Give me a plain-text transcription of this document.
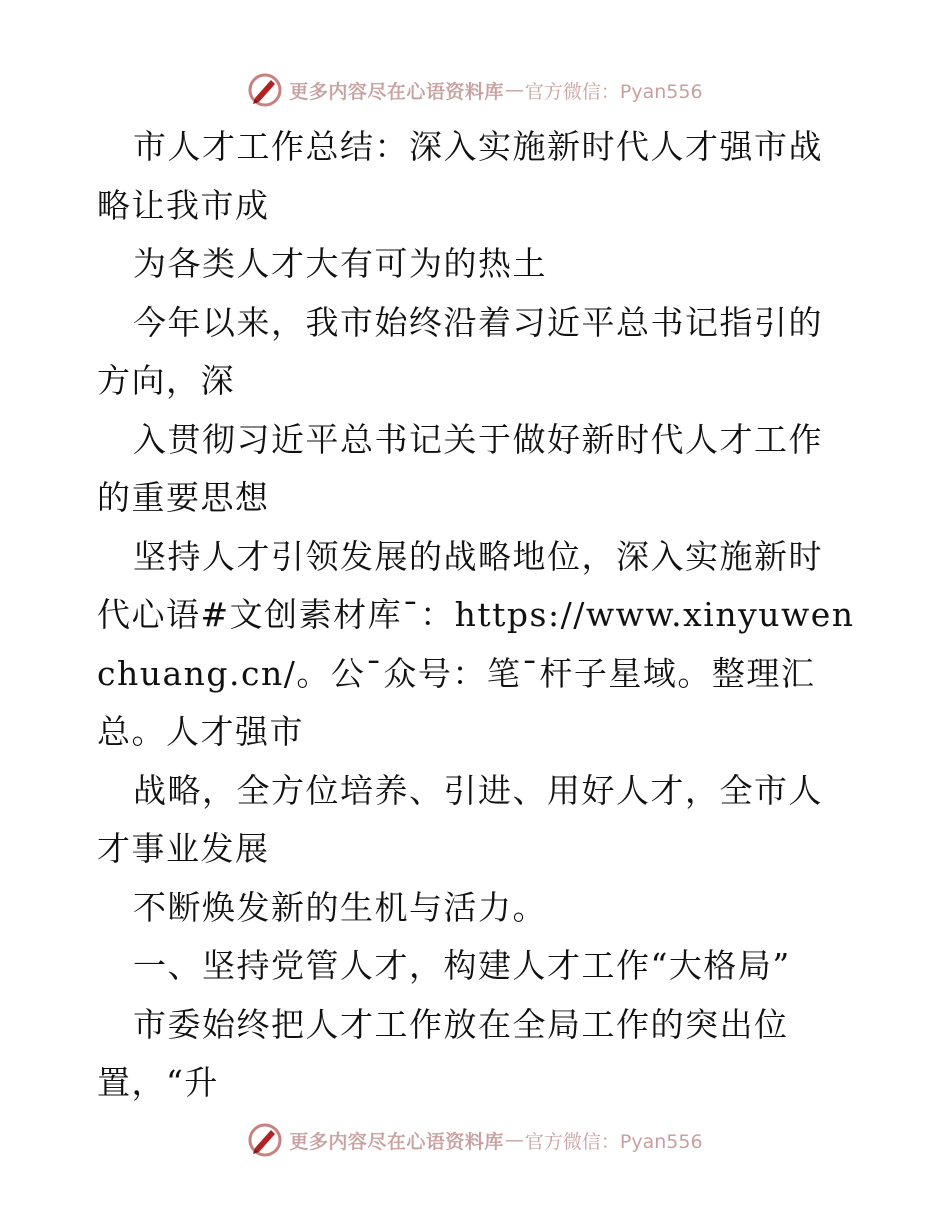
更多内容尽在心语资料库 — 官方微信：Pyan556

市人才工作总结：深入实施新时代人才强市战略让我市成

为各类人才大有可为的热土

今年以来，我市始终沿着习近平总书记指引的方向，深

入贯彻习近平总书记关于做好新时代人才工作的重要思想

坚持人才引领发展的战略地位，深入实施新时代心语#文创素材库¯：https://www.xinyuwenchuang.cn/。公¯众号：笔¯杆子星域。整理汇总。人才强市

战略，全方位培养、引进、用好人才，全市人才事业发展

不断焕发新的生机与活力。

一、坚持党管人才，构建人才工作“大格局”

市委始终把人才工作放在全局工作的突出位置，“升

更多内容尽在心语资料库 — 官方微信：Pyan556
